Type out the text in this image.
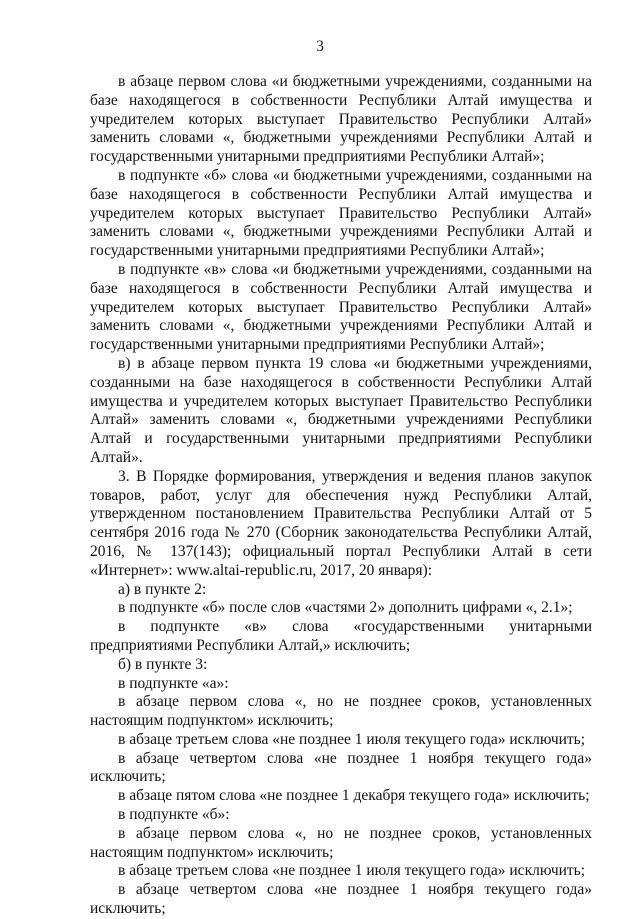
3

в абзаце первом слова «и бюджетными учреждениями, созданными на базе находящегося в собственности Республики Алтай имущества и учредителем которых выступает Правительство Республики Алтай» заменить словами «, бюджетными учреждениями Республики Алтай и государственными унитарными предприятиями Республики Алтай»;

в подпункте «б» слова «и бюджетными учреждениями, созданными на базе находящегося в собственности Республики Алтай имущества и учредителем которых выступает Правительство Республики Алтай» заменить словами «, бюджетными учреждениями Республики Алтай и государственными унитарными предприятиями Республики Алтай»;

в подпункте «в» слова «и бюджетными учреждениями, созданными на базе находящегося в собственности Республики Алтай имущества и учредителем которых выступает Правительство Республики Алтай» заменить словами «, бюджетными учреждениями Республики Алтай и государственными унитарными предприятиями Республики Алтай»;

в) в абзаце первом пункта 19 слова «и бюджетными учреждениями, созданными на базе находящегося в собственности Республики Алтай имущества и учредителем которых выступает Правительство Республики Алтай» заменить словами «, бюджетными учреждениями Республики Алтай и государственными унитарными предприятиями Республики Алтай».

3. В Порядке формирования, утверждения и ведения планов закупок товаров, работ, услуг для обеспечения нужд Республики Алтай, утвержденном постановлением Правительства Республики Алтай от 5 сентября 2016 года № 270 (Сборник законодательства Республики Алтай, 2016, № 137(143); официальный портал Республики Алтай в сети «Интернет»: www.altai-republic.ru, 2017, 20 января):

а) в пункте 2:

в подпункте «б» после слов «частями 2» дополнить цифрами «, 2.1»;

в подпункте «в» слова «государственными унитарными предприятиями Республики Алтай,» исключить;

б) в пункте 3:

в подпункте «а»:

в абзаце первом слова «, но не позднее сроков, установленных настоящим подпунктом» исключить;

в абзаце третьем слова «не позднее 1 июля текущего года» исключить;

в абзаце четвертом слова «не позднее 1 ноября текущего года» исключить;

в абзаце пятом слова «не позднее 1 декабря текущего года» исключить;

в подпункте «б»:

в абзаце первом слова «, но не позднее сроков, установленных настоящим подпунктом» исключить;

в абзаце третьем слова «не позднее 1 июля текущего года» исключить;

в абзаце четвертом слова «не позднее 1 ноября текущего года» исключить;
